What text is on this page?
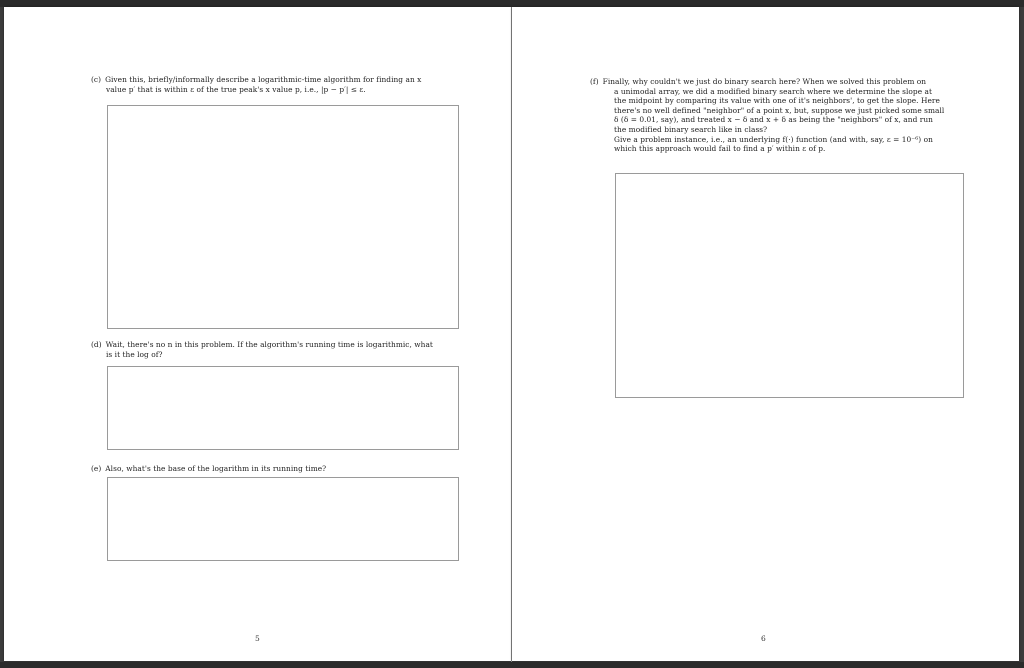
(c) Given this, briefly/informally describe a logarithmic-time algorithm for finding an x

value p′ that is within ε of the true peak's x value p, i.e., |p − p′| ≤ ε.

(d) Wait, there's no n in this problem. If the algorithm's running time is logarithmic, what

is it the log of?

(e) Also, what's the base of the logarithm in its running time?

5

(f) Finally, why couldn't we just do binary search here? When we solved this problem on

a unimodal array, we did a modified binary search where we determine the slope at

the midpoint by comparing its value with one of it's neighbors', to get the slope. Here

there's no well defined "neighbor" of a point x, but, suppose we just picked some small

δ (δ = 0.01, say), and treated x − δ and x + δ as being the "neighbors" of x, and run

the modified binary search like in class?

Give a problem instance, i.e., an underlying f(·) function (and with, say, ε = 10⁻⁶) on

which this approach would fail to find a p′ within ε of p.

6
